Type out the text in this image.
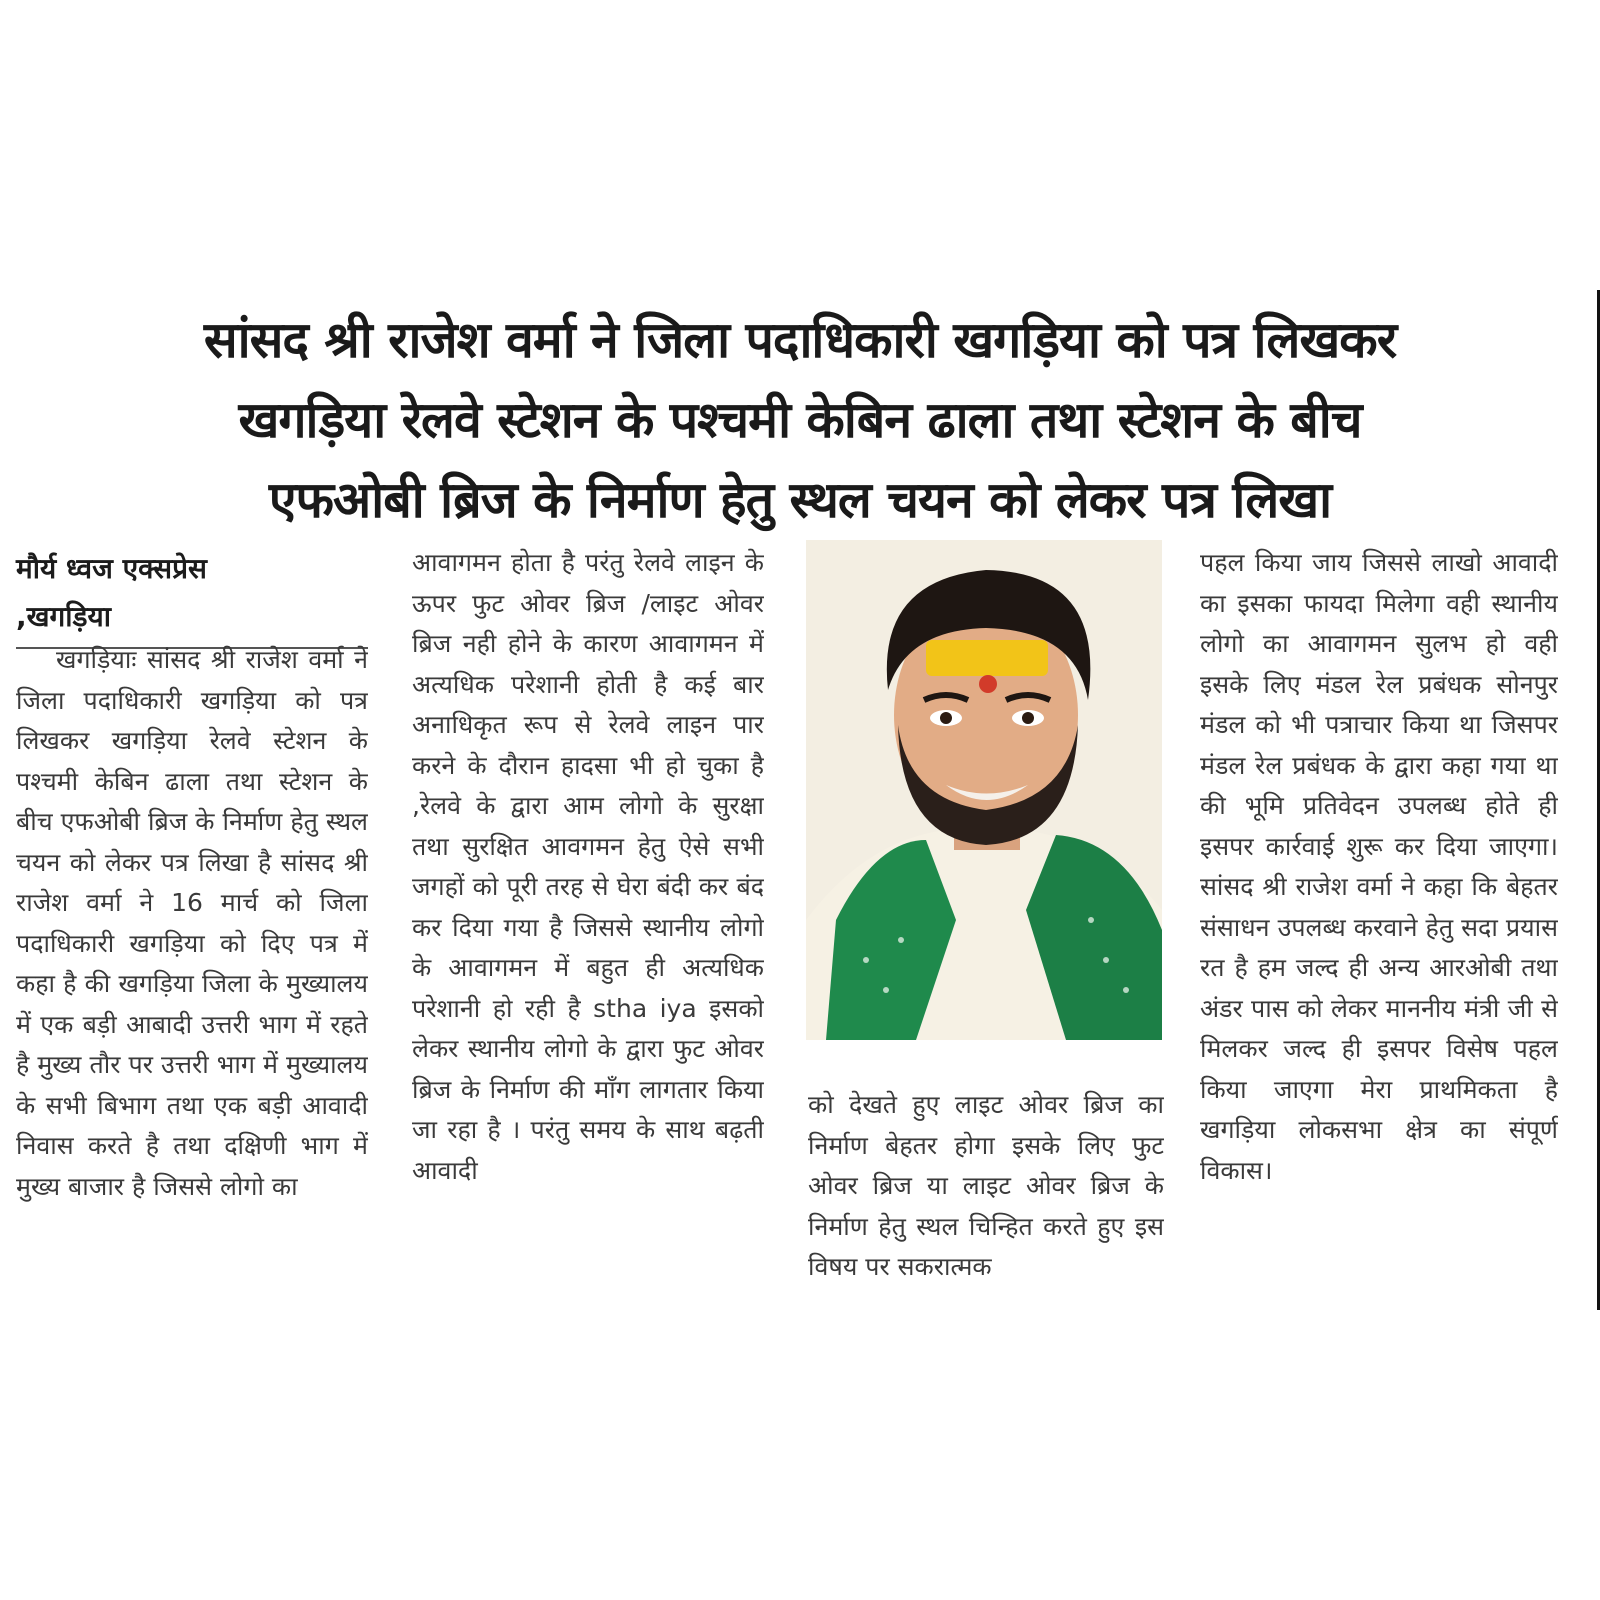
सांसद श्री राजेश वर्मा ने जिला पदाधिकारी खगड़िया को पत्र लिखकर
खगड़िया रेलवे स्टेशन के पश्चमी केबिन ढाला तथा स्टेशन के बीच
एफओबी ब्रिज के निर्माण हेतु स्थल चयन को लेकर पत्र लिखा
मौर्य ध्वज एक्सप्रेस
,खगड़िया

खगड़ियाः सांसद श्री राजेश वर्मा ने जिला पदाधिकारी खगड़िया को पत्र लिखकर खगड़िया रेलवे स्टेशन के पश्चमी केबिन ढाला तथा स्टेशन के बीच एफओबी ब्रिज के निर्माण हेतु स्थल चयन को लेकर पत्र लिखा है सांसद श्री राजेश वर्मा ने 16 मार्च को जिला पदाधिकारी खगड़िया को दिए पत्र में कहा है की खगड़िया जिला के मुख्यालय में एक बड़ी आबादी उत्तरी भाग में रहते है मुख्य तौर पर उत्तरी भाग में मुख्यालय के सभी बिभाग तथा एक बड़ी आवादी निवास करते है तथा दक्षिणी भाग में मुख्य बाजार है जिससे लोगो का

आवागमन होता है परंतु रेलवे लाइन के ऊपर फुट ओवर ब्रिज /लाइट ओवर ब्रिज नही होने के कारण आवागमन में अत्यधिक परेशानी होती है कई बार अनाधिकृत रूप से रेलवे लाइन पार करने के दौरान हादसा भी हो चुका है ,रेलवे के द्वारा आम लोगो के सुरक्षा तथा सुरक्षित आवगमन हेतु ऐसे सभी जगहों को पूरी तरह से घेरा बंदी कर बंद कर दिया गया है जिससे स्थानीय लोगो के आवागमन में बहुत ही अत्यधिक परेशानी हो रही है stha iya इसको लेकर स्थानीय लोगो के द्वारा फुट ओवर ब्रिज के निर्माण की माँग लागतार किया जा रहा है । परंतु समय के साथ बढ़ती आवादी

को देखते हुए लाइट ओवर ब्रिज का निर्माण बेहतर होगा इसके लिए फुट ओवर ब्रिज या लाइट ओवर ब्रिज के निर्माण हेतु स्थल चिन्हित करते हुए इस विषय पर सकरात्मक

पहल किया जाय जिससे लाखो आवादी का इसका फायदा मिलेगा वही स्थानीय लोगो का आवागमन सुलभ हो वही इसके लिए मंडल रेल प्रबंधक सोनपुर मंडल को भी पत्राचार किया था जिसपर मंडल रेल प्रबंधक के द्वारा कहा गया था की भूमि प्रतिवेदन उपलब्ध होते ही इसपर कार्रवाई शुरू कर दिया जाएगा। सांसद श्री राजेश वर्मा ने कहा कि बेहतर संसाधन उपलब्ध करवाने हेतु सदा प्रयास रत है हम जल्द ही अन्य आरओबी तथा अंडर पास को लेकर माननीय मंत्री जी से मिलकर जल्द ही इसपर विसेष पहल किया जाएगा मेरा प्राथमिकता है खगड़िया लोकसभा क्षेत्र का संपूर्ण विकास।
